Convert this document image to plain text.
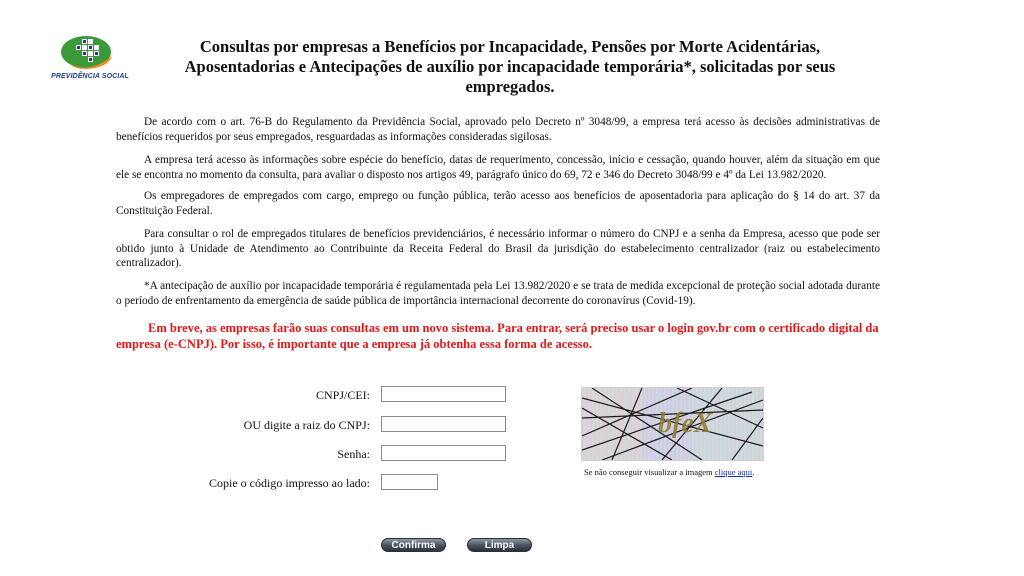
PREVIDÊNCIA SOCIAL
Consultas por empresas a Benefícios por Incapacidade, Pensões por Morte Acidentárias, Aposentadorias e Antecipações de auxílio por incapacidade temporária*, solicitadas por seus empregados.

De acordo com o art. 76-B do Regulamento da Previdência Social, aprovado pelo Decreto nº 3048/99, a empresa terá acesso às decisões administrativas de benefícios requeridos por seus empregados, resguardadas as informações consideradas sigilosas.

A empresa terá acesso às informações sobre espécie do benefício, datas de requerimento, concessão, início e cessação, quando houver, além da situação em que ele se encontra no momento da consulta, para avaliar o disposto nos artigos 49, parágrafo único do 69, 72 e 346 do Decreto 3048/99 e 4º da Lei 13.982/2020.

Os empregadores de empregados com cargo, emprego ou função pública, terão acesso aos benefícios de aposentadoria para aplicação do § 14 do art. 37 da Constituição Federal.

Para consultar o rol de empregados titulares de benefícios previdenciários, é necessário informar o número do CNPJ e a senha da Empresa, acesso que pode ser obtido junto à Unidade de Atendimento ao Contribuinte da Receita Federal do Brasil da jurisdição do estabelecimento centralizador (raiz ou estabelecimento centralizador).

*A antecipação de auxílio por incapacidade temporária é regulamentada pela Lei 13.982/2020 e se trata de medida excepcional de proteção social adotada durante o período de enfrentamento da emergência de saúde pública de importância internacional decorrente do coronavírus (Covid-19).

Em breve, as empresas farão suas consultas em um novo sistema. Para entrar, será preciso usar o login gov.br com o certificado digital da empresa (e-CNPJ). Por isso, é importante que a empresa já obtenha essa forma de acesso.

CNPJ/CEI:
OU digite a raiz do CNPJ:
Senha:
Copie o código impresso ao lado:
bfeX
Se não conseguir visualizar a imagem clique aqui.
Confirma	Limpa
